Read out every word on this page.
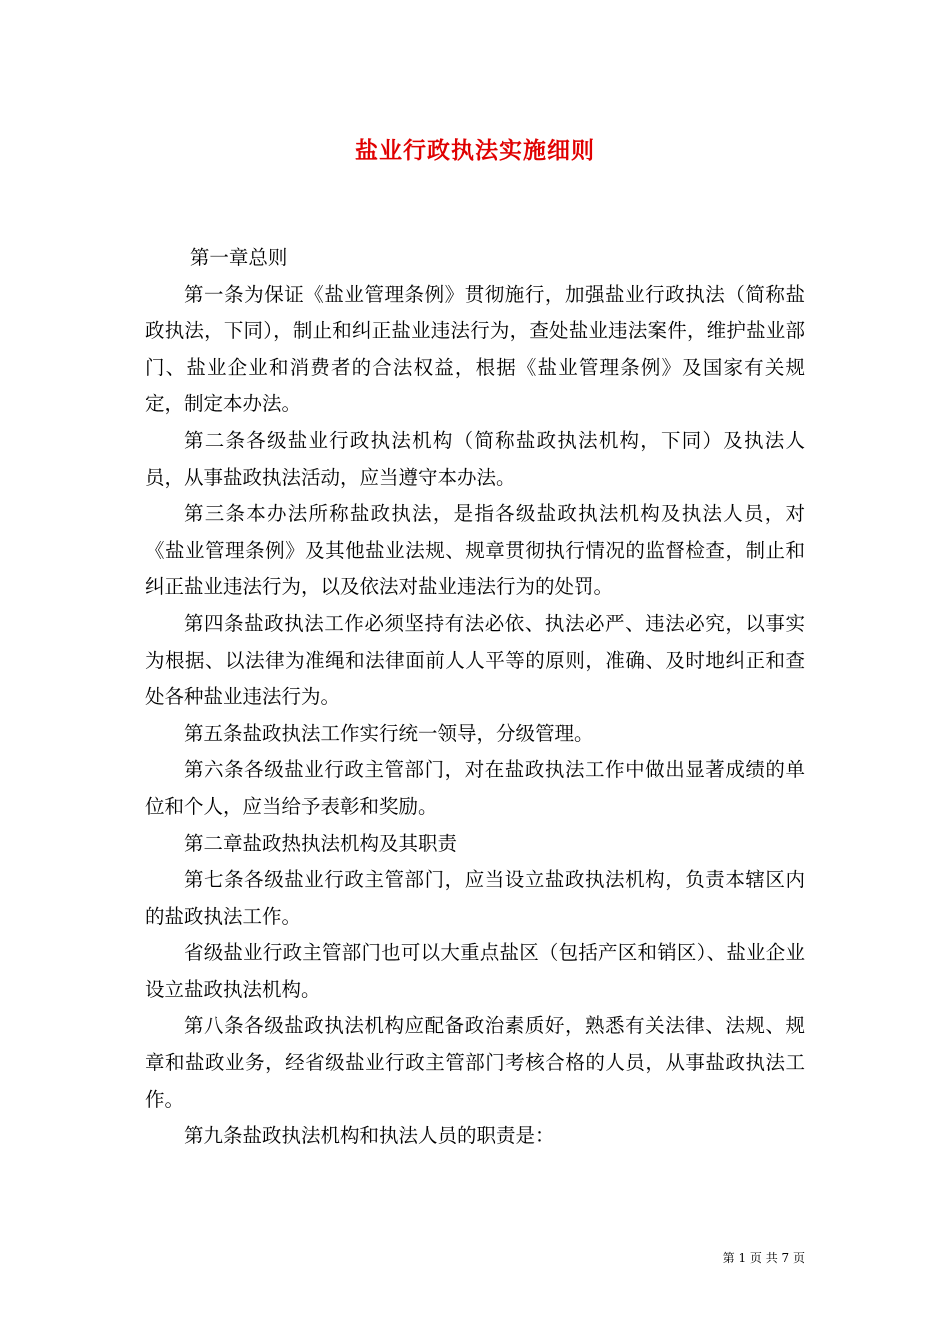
盐业行政执法实施细则

第一章总则

第一条为保证《盐业管理条例》贯彻施行，加强盐业行政执法（简称盐政执法，下同），制止和纠正盐业违法行为，查处盐业违法案件，维护盐业部门、盐业企业和消费者的合法权益，根据《盐业管理条例》及国家有关规定，制定本办法。

第二条各级盐业行政执法机构（简称盐政执法机构，下同）及执法人员，从事盐政执法活动，应当遵守本办法。

第三条本办法所称盐政执法，是指各级盐政执法机构及执法人员，对《盐业管理条例》及其他盐业法规、规章贯彻执行情况的监督检查，制止和纠正盐业违法行为，以及依法对盐业违法行为的处罚。

第四条盐政执法工作必须坚持有法必依、执法必严、违法必究，以事实为根据、以法律为准绳和法律面前人人平等的原则，准确、及时地纠正和查处各种盐业违法行为。

第五条盐政执法工作实行统一领导，分级管理。

第六条各级盐业行政主管部门，对在盐政执法工作中做出显著成绩的单位和个人，应当给予表彰和奖励。

第二章盐政热执法机构及其职责

第七条各级盐业行政主管部门，应当设立盐政执法机构，负责本辖区内的盐政执法工作。

省级盐业行政主管部门也可以大重点盐区（包括产区和销区）、盐业企业设立盐政执法机构。

第八条各级盐政执法机构应配备政治素质好，熟悉有关法律、法规、规章和盐政业务，经省级盐业行政主管部门考核合格的人员，从事盐政执法工作。

第九条盐政执法机构和执法人员的职责是：

第 1 页 共 7 页
